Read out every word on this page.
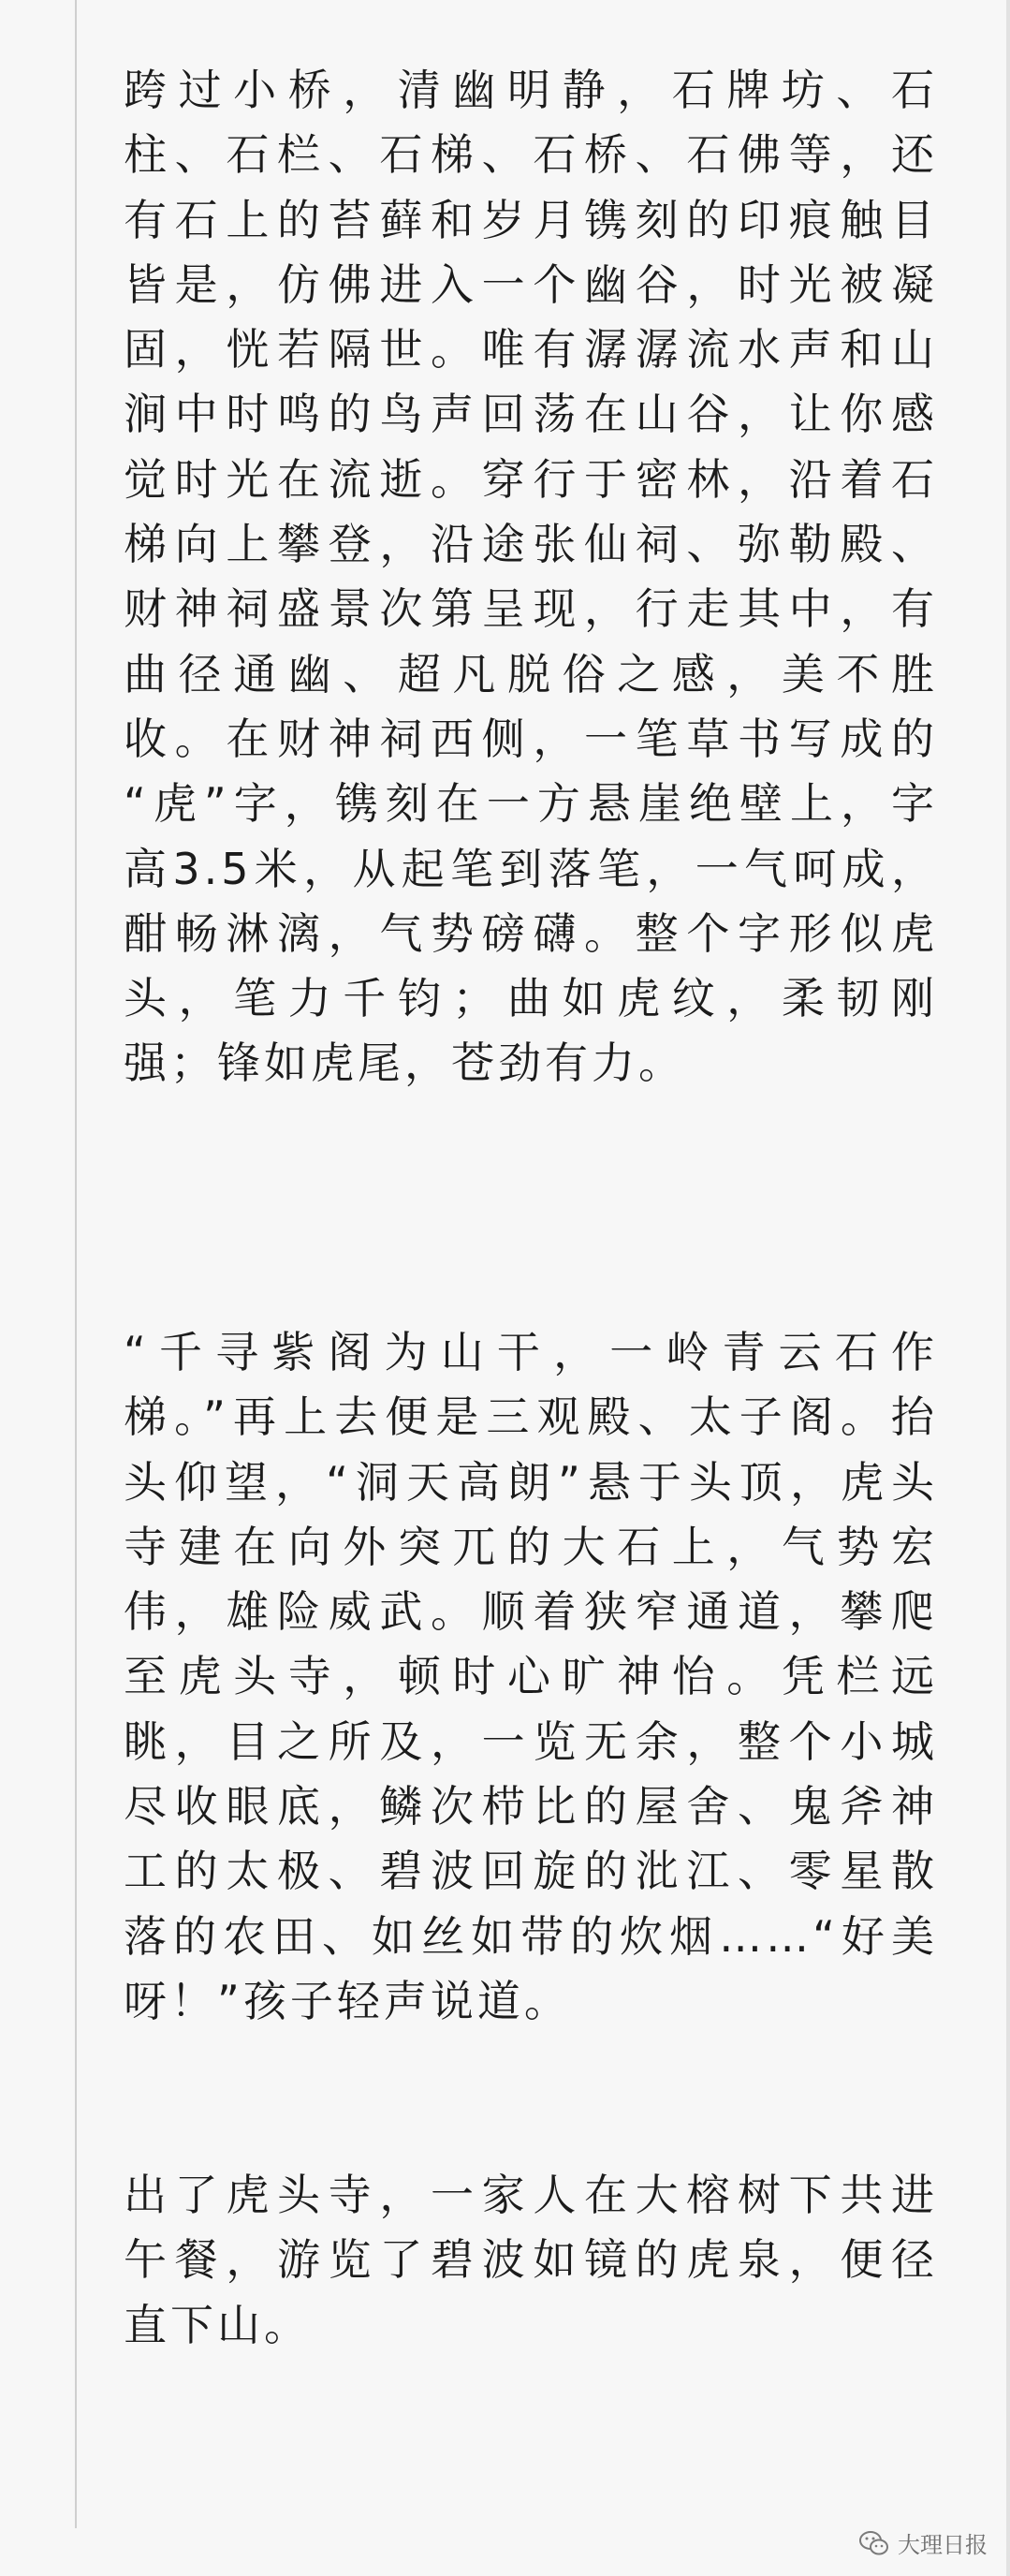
跨过小桥，清幽明静，石牌坊、石
柱、石栏、石梯、石桥、石佛等，还
有石上的苔藓和岁月镌刻的印痕触目
皆是，仿佛进入一个幽谷，时光被凝
固，恍若隔世。唯有潺潺流水声和山
涧中时鸣的鸟声回荡在山谷，让你感
觉时光在流逝。穿行于密林，沿着石
梯向上攀登，沿途张仙祠、弥勒殿、
财神祠盛景次第呈现，行走其中，有
曲径通幽、超凡脱俗之感，美不胜
收。在财神祠西侧，一笔草书写成的
“虎”字，镌刻在一方悬崖绝壁上，字
高3.5米，从起笔到落笔，一气呵成，
酣畅淋漓，气势磅礴。整个字形似虎
头，笔力千钧；曲如虎纹，柔韧刚
强；锋如虎尾，苍劲有力。
“千寻紫阁为山干，一岭青云石作
梯。”再上去便是三观殿、太子阁。抬
头仰望，“洞天高朗”悬于头顶，虎头
寺建在向外突兀的大石上，气势宏
伟，雄险威武。顺着狭窄通道，攀爬
至虎头寺，顿时心旷神怡。凭栏远
眺，目之所及，一览无余，整个小城
尽收眼底，鳞次栉比的屋舍、鬼斧神
工的太极、碧波回旋的沘江、零星散
落的农田、如丝如带的炊烟……“好美
呀！”孩子轻声说道。
出了虎头寺，一家人在大榕树下共进
午餐，游览了碧波如镜的虎泉，便径
直下山。
大理日报
